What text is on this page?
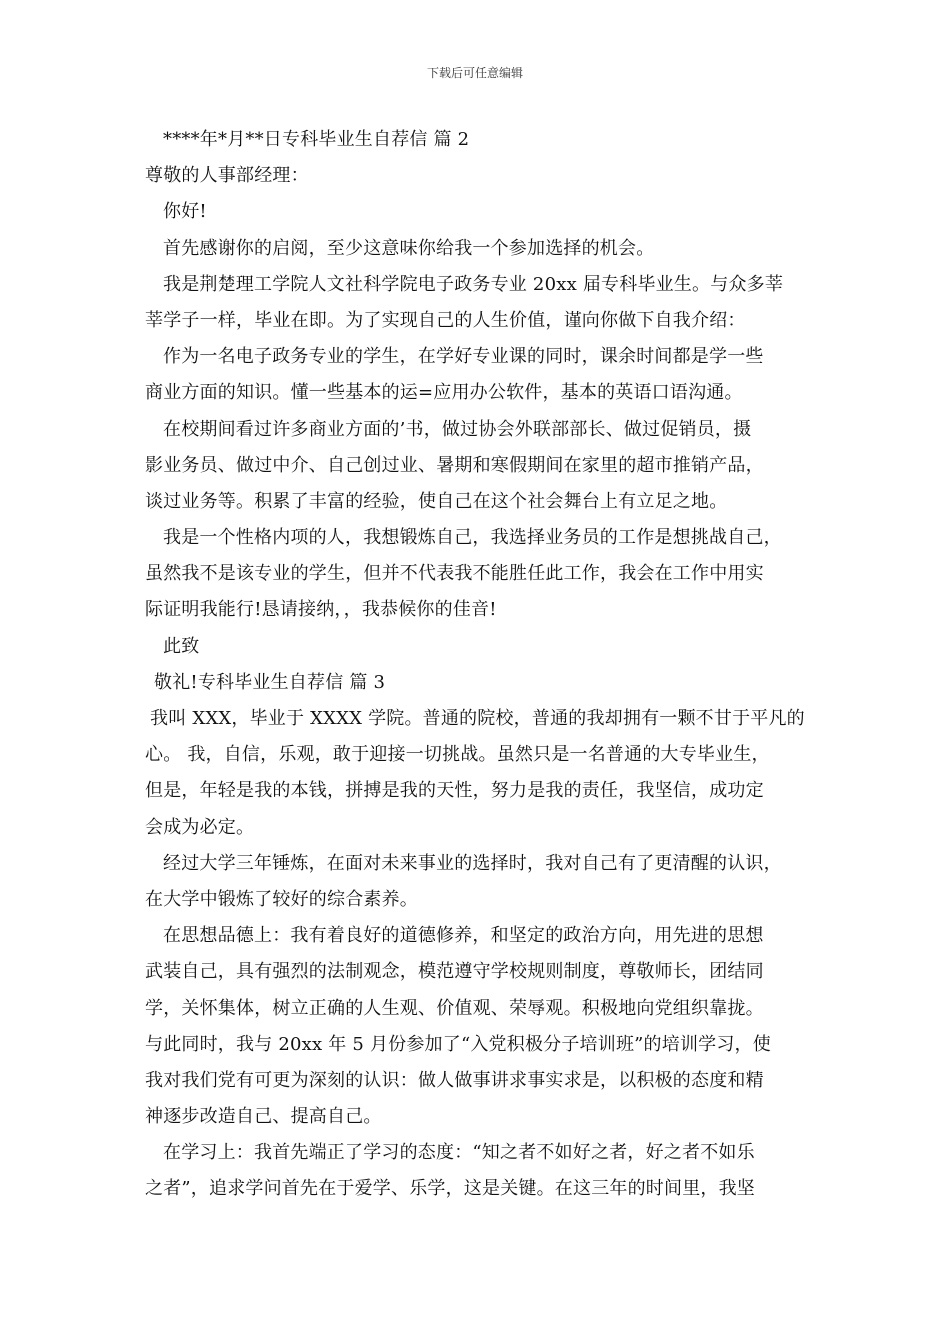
下载后可任意编辑
****年*月**日专科毕业生自荐信 篇 2
尊敬的人事部经理：
你好!
首先感谢你的启阅，至少这意味你给我一个参加选择的机会。
我是荆楚理工学院人文社科学院电子政务专业 20xx 届专科毕业生。与众多莘
莘学子一样，毕业在即。为了实现自己的人生价值，谨向你做下自我介绍：
作为一名电子政务专业的学生，在学好专业课的同时，课余时间都是学一些
商业方面的知识。懂一些基本的运=应用办公软件，基本的英语口语沟通。
在校期间看过许多商业方面的’书，做过协会外联部部长、做过促销员，摄
影业务员、做过中介、自己创过业、暑期和寒假期间在家里的超市推销产品，
谈过业务等。积累了丰富的经验，使自己在这个社会舞台上有立足之地。
我是一个性格内项的人，我想锻炼自己，我选择业务员的工作是想挑战自己，
虽然我不是该专业的学生，但并不代表我不能胜任此工作，我会在工作中用实
际证明我能行!恳请接纳，，我恭候你的佳音!
此致
敬礼!专科毕业生自荐信 篇 3
我叫 XXX，毕业于 XXXX 学院。普通的院校，普通的我却拥有一颗不甘于平凡的
心。 我，自信，乐观，敢于迎接一切挑战。虽然只是一名普通的大专毕业生，
但是，年轻是我的本钱，拼搏是我的天性，努力是我的责任，我坚信，成功定
会成为必定。
经过大学三年锤炼，在面对未来事业的选择时，我对自己有了更清醒的认识，
在大学中锻炼了较好的综合素养。
在思想品德上：我有着良好的道德修养，和坚定的政治方向，用先进的思想
武装自己，具有强烈的法制观念，模范遵守学校规则制度，尊敬师长，团结同
学，关怀集体，树立正确的人生观、价值观、荣辱观。积极地向党组织靠拢。
与此同时，我与 20xx 年 5 月份参加了“入党积极分子培训班”的培训学习，使
我对我们党有可更为深刻的认识：做人做事讲求事实求是，以积极的态度和精
神逐步改造自己、提高自己。
在学习上：我首先端正了学习的态度：“知之者不如好之者，好之者不如乐
之者”，追求学问首先在于爱学、乐学，这是关键。在这三年的时间里，我坚
